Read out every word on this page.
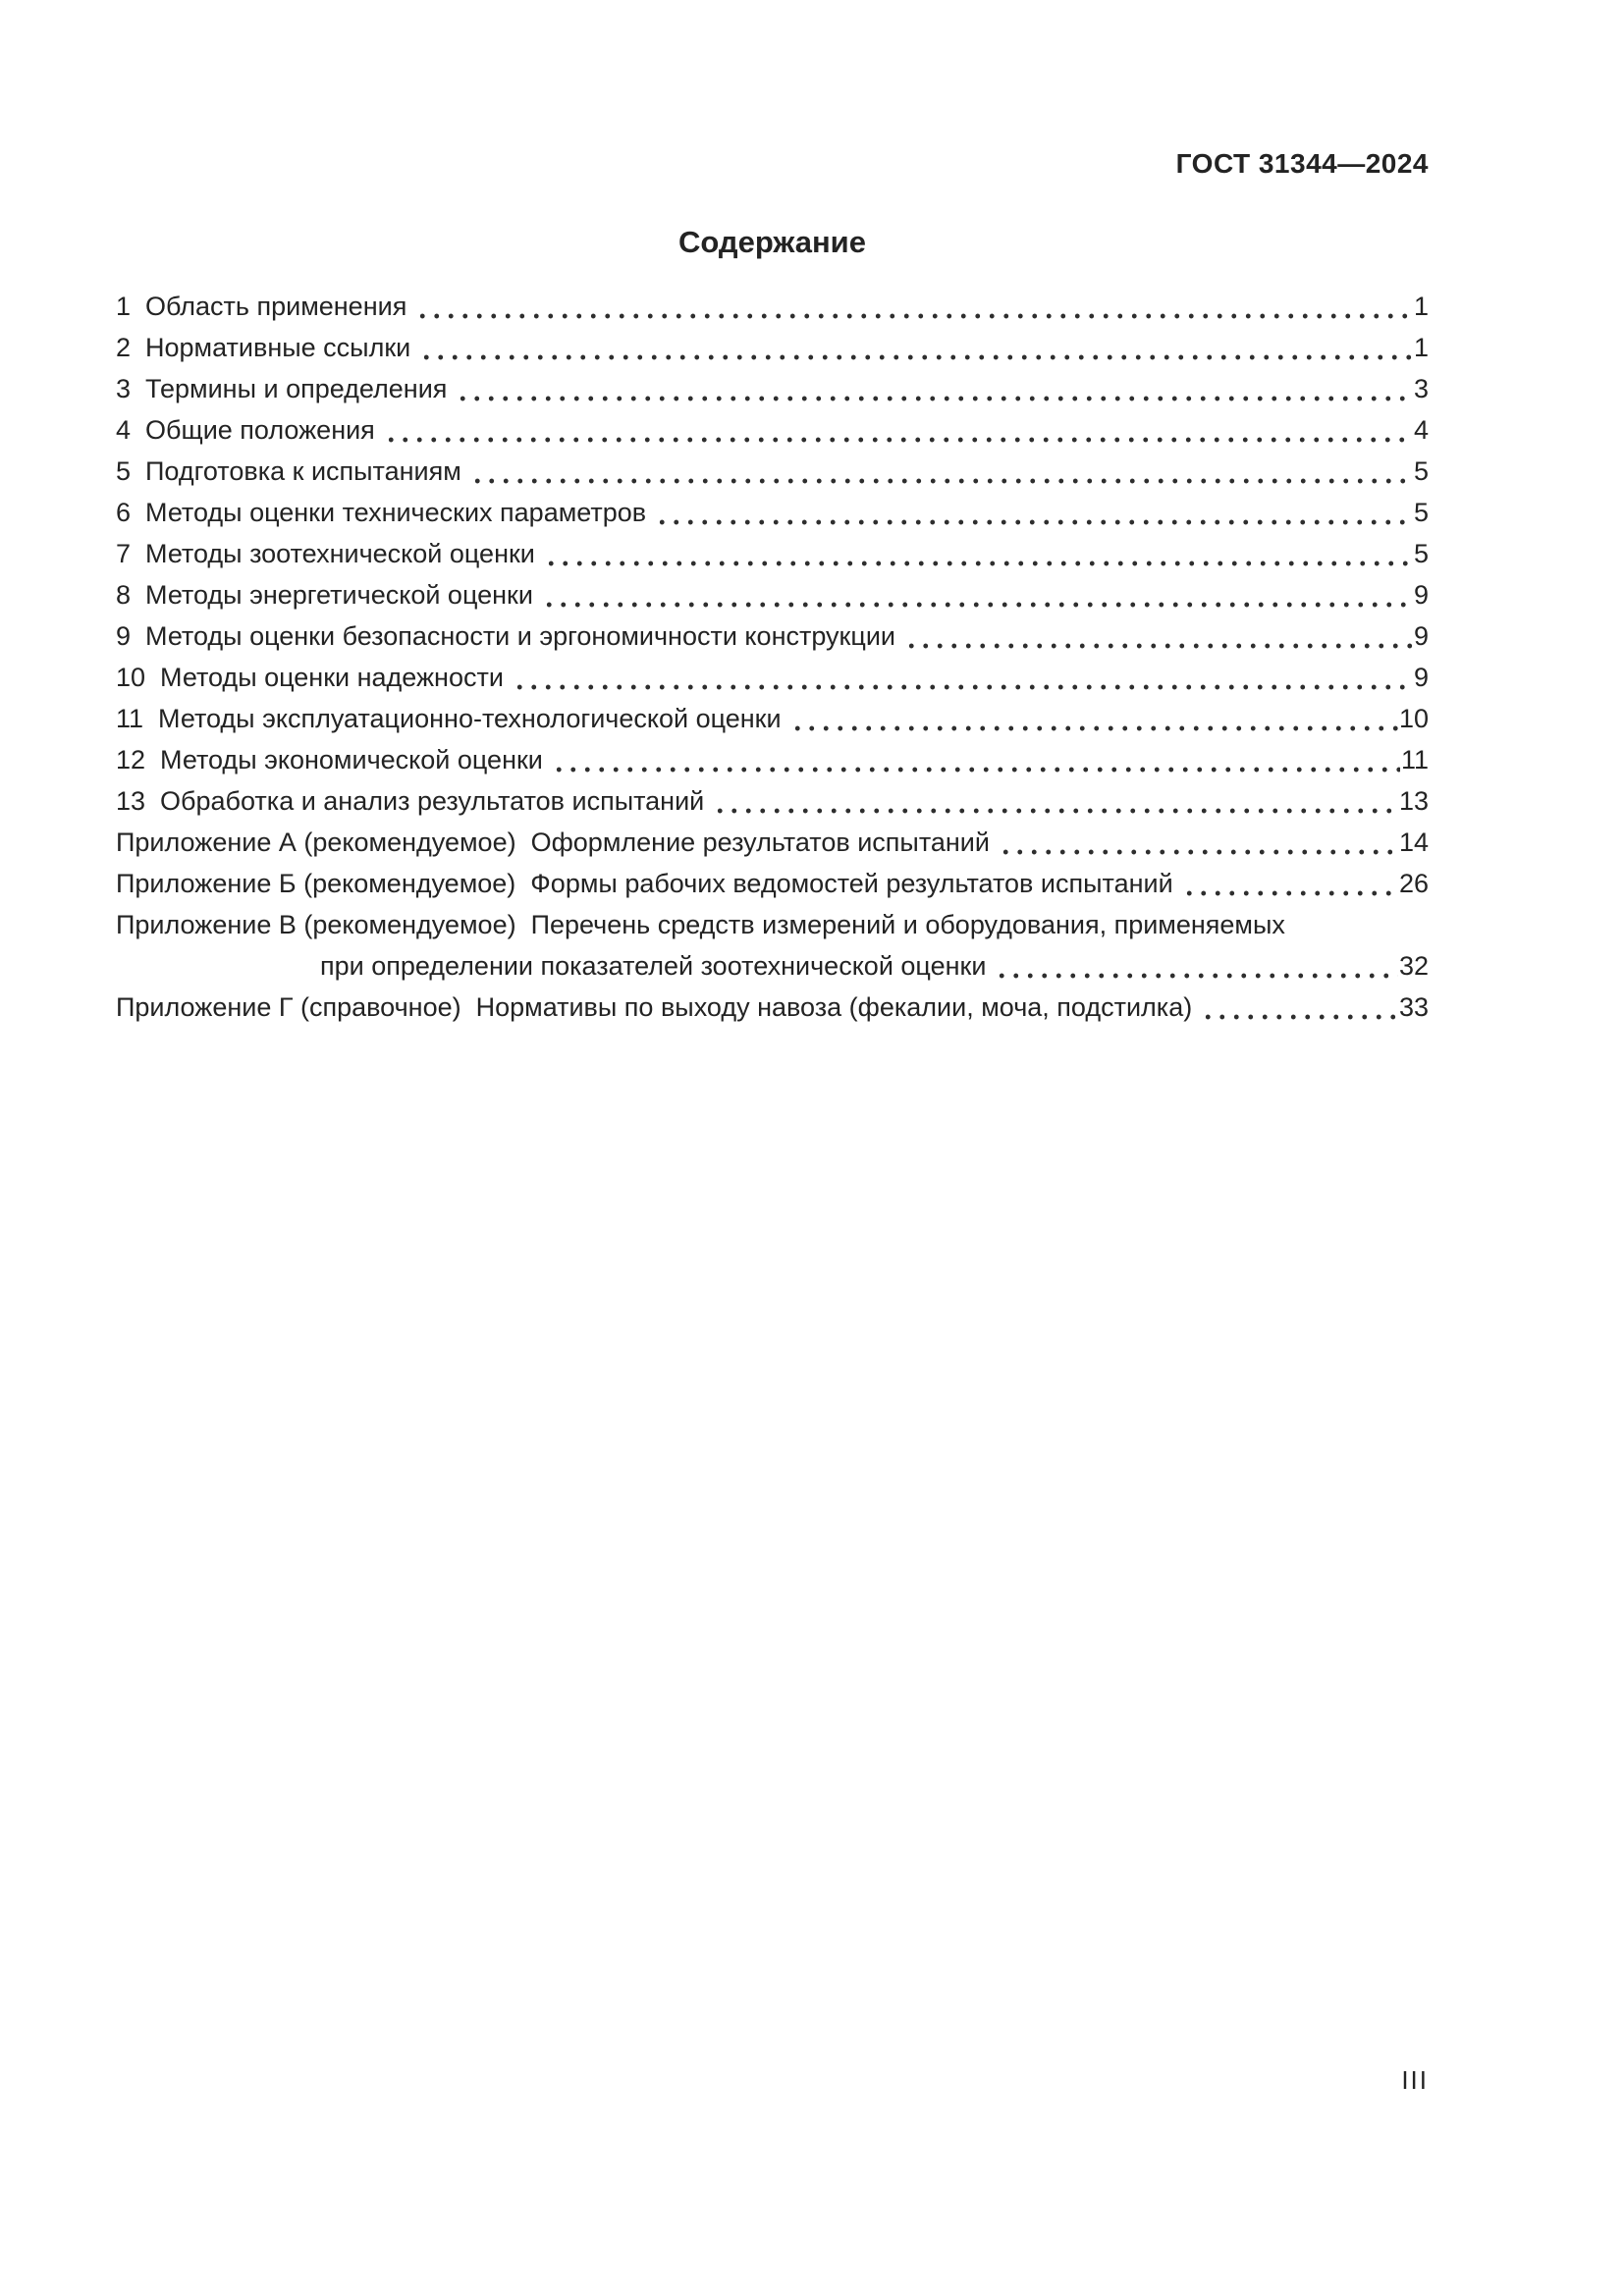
ГОСТ 31344—2024
Содержание
1  Область применения	1
2  Нормативные ссылки	1
3  Термины и определения	3
4  Общие положения	4
5  Подготовка к испытаниям	5
6  Методы оценки технических параметров	5
7  Методы зоотехнической оценки	5
8  Методы энергетической оценки	9
9  Методы оценки безопасности и эргономичности конструкции	9
10  Методы оценки надежности	9
11  Методы эксплуатационно-технологической оценки	10
12  Методы экономической оценки	11
13  Обработка и анализ результатов испытаний	13
Приложение А (рекомендуемое)  Оформление результатов испытаний	14
Приложение Б (рекомендуемое)  Формы рабочих ведомостей результатов испытаний	26
Приложение В (рекомендуемое)  Перечень средств измерений и оборудования, применяемых
при определении показателей зоотехнической оценки	32
Приложение Г (справочное)  Нормативы по выходу навоза (фекалии, моча, подстилка)	33
III
